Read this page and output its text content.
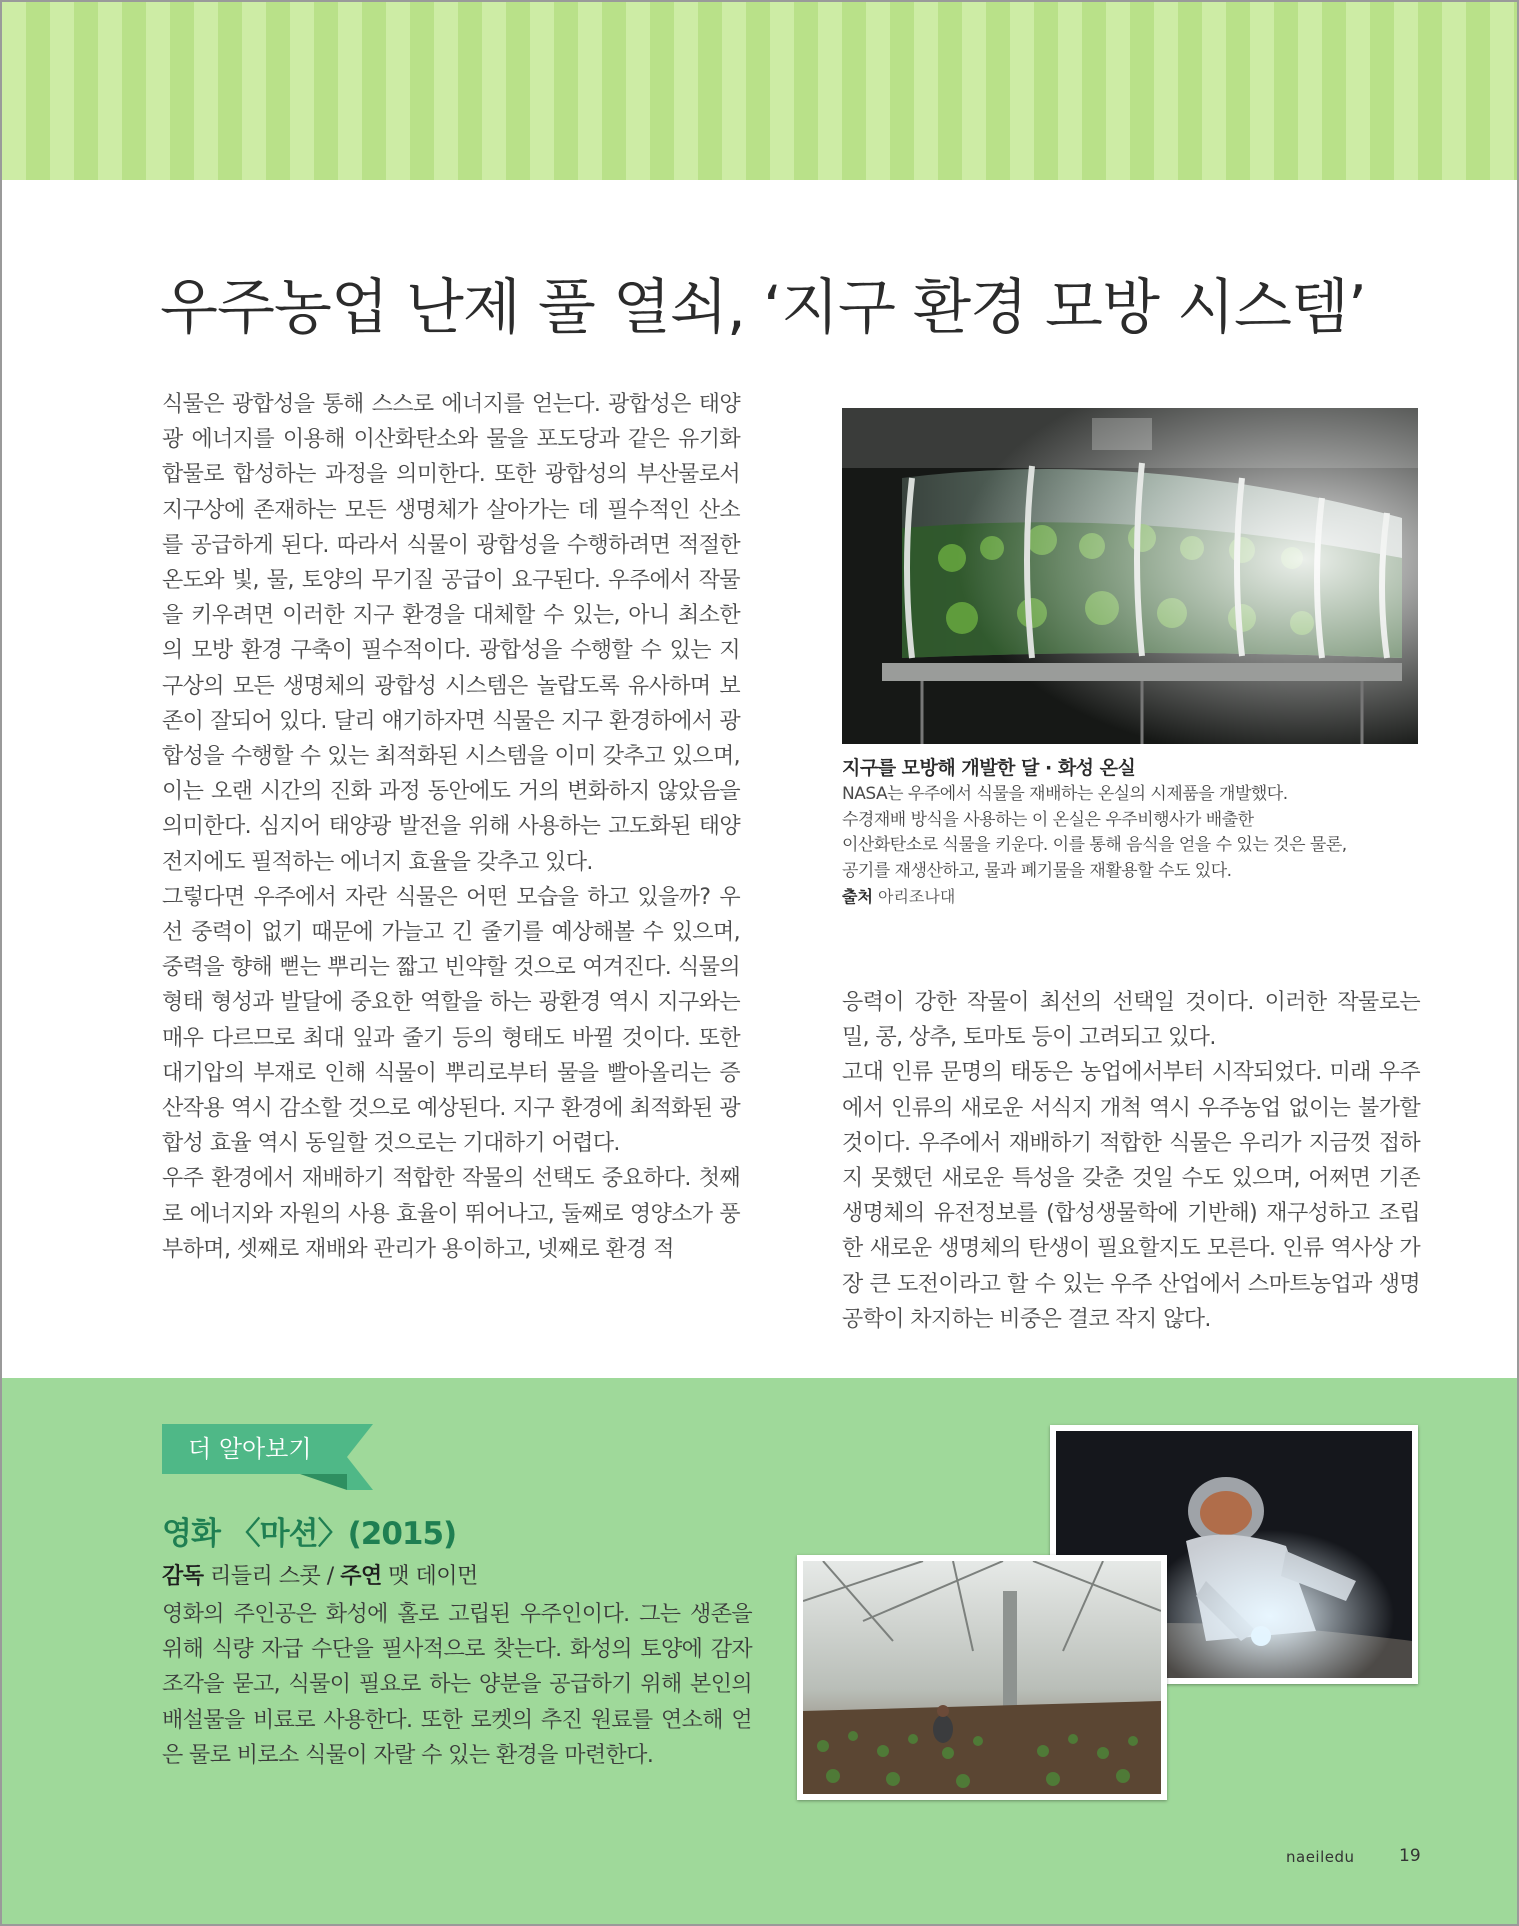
우주농업 난제 풀 열쇠, ‘지구 환경 모방 시스템’

식물은 광합성을 통해 스스로 에너지를 얻는다. 광합성은 태양광 에너지를 이용해 이산화탄소와 물을 포도당과 같은 유기화합물로 합성하는 과정을 의미한다. 또한 광합성의 부산물로서 지구상에 존재하는 모든 생명체가 살아가는 데 필수적인 산소를 공급하게 된다. 따라서 식물이 광합성을 수행하려면 적절한 온도와 빛, 물, 토양의 무기질 공급이 요구된다. 우주에서 작물을 키우려면 이러한 지구 환경을 대체할 수 있는, 아니 최소한의 모방 환경 구축이 필수적이다. 광합성을 수행할 수 있는 지구상의 모든 생명체의 광합성 시스템은 놀랍도록 유사하며 보존이 잘되어 있다. 달리 얘기하자면 식물은 지구 환경하에서 광합성을 수행할 수 있는 최적화된 시스템을 이미 갖추고 있으며, 이는 오랜 시간의 진화 과정 동안에도 거의 변화하지 않았음을 의미한다. 심지어 태양광 발전을 위해 사용하는 고도화된 태양전지에도 필적하는 에너지 효율을 갖추고 있다.

그렇다면 우주에서 자란 식물은 어떤 모습을 하고 있을까? 우선 중력이 없기 때문에 가늘고 긴 줄기를 예상해볼 수 있으며, 중력을 향해 뻗는 뿌리는 짧고 빈약할 것으로 여겨진다. 식물의 형태 형성과 발달에 중요한 역할을 하는 광환경 역시 지구와는 매우 다르므로 최대 잎과 줄기 등의 형태도 바뀔 것이다. 또한 대기압의 부재로 인해 식물이 뿌리로부터 물을 빨아올리는 증산작용 역시 감소할 것으로 예상된다. 지구 환경에 최적화된 광합성 효율 역시 동일할 것으로는 기대하기 어렵다.

우주 환경에서 재배하기 적합한 작물의 선택도 중요하다. 첫째로 에너지와 자원의 사용 효율이 뛰어나고, 둘째로 영양소가 풍부하며, 셋째로 재배와 관리가 용이하고, 넷째로 환경 적

지구를 모방해 개발한 달 · 화성 온실
NASA는 우주에서 식물을 재배하는 온실의 시제품을 개발했다.
수경재배 방식을 사용하는 이 온실은 우주비행사가 배출한
이산화탄소로 식물을 키운다. 이를 통해 음식을 얻을 수 있는 것은 물론,
공기를 재생산하고, 물과 폐기물을 재활용할 수도 있다.
출처 아리조나대

응력이 강한 작물이 최선의 선택일 것이다. 이러한 작물로는 밀, 콩, 상추, 토마토 등이 고려되고 있다.

고대 인류 문명의 태동은 농업에서부터 시작되었다. 미래 우주에서 인류의 새로운 서식지 개척 역시 우주농업 없이는 불가할 것이다. 우주에서 재배하기 적합한 식물은 우리가 지금껏 접하지 못했던 새로운 특성을 갖춘 것일 수도 있으며, 어쩌면 기존 생명체의 유전정보를 (합성생물학에 기반해) 재구성하고 조립한 새로운 생명체의 탄생이 필요할지도 모른다. 인류 역사상 가장 큰 도전이라고 할 수 있는 우주 산업에서 스마트농업과 생명공학이 차지하는 비중은 결코 작지 않다.

더 알아보기
영화 〈마션〉(2015)
감독 리들리 스콧 / 주연 맷 데이먼

영화의 주인공은 화성에 홀로 고립된 우주인이다. 그는 생존을 위해 식량 자급 수단을 필사적으로 찾는다. 화성의 토양에 감자 조각을 묻고, 식물이 필요로 하는 양분을 공급하기 위해 본인의 배설물을 비료로 사용한다. 또한 로켓의 추진 원료를 연소해 얻은 물로 비로소 식물이 자랄 수 있는 환경을 마련한다.

naeiledu	19
